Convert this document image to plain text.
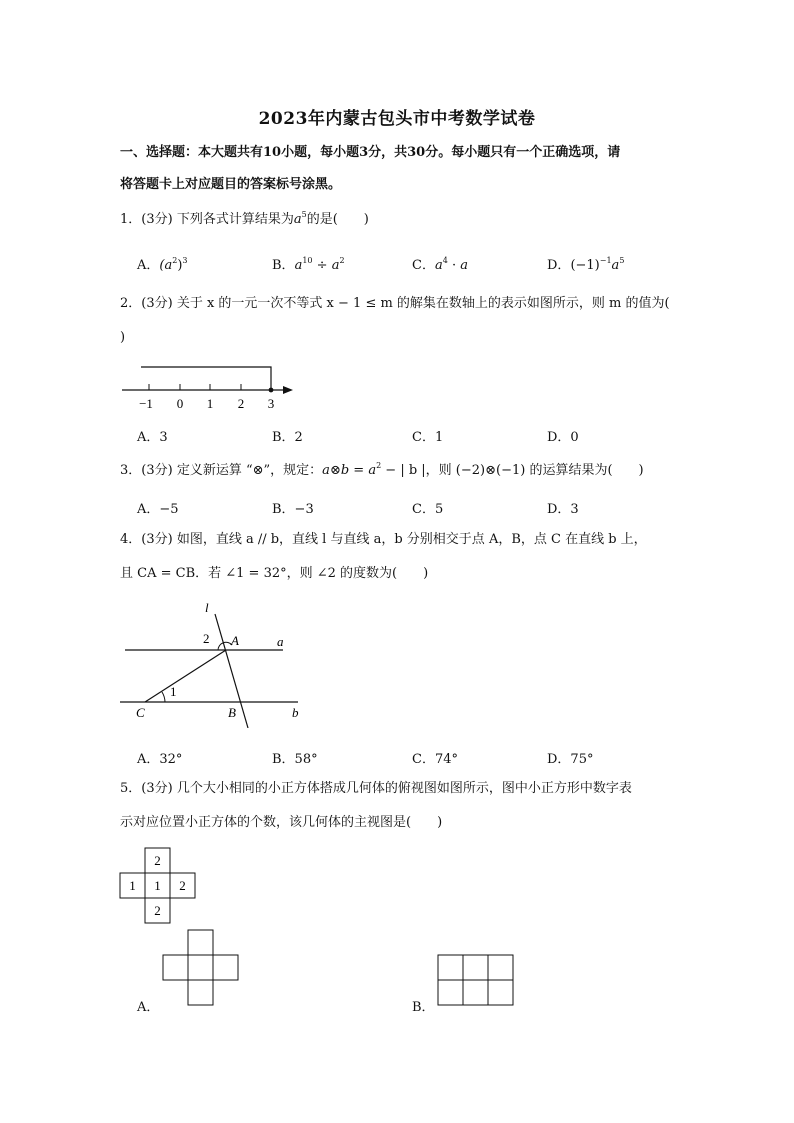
2023年内蒙古包头市中考数学试卷
一、选择题：本大题共有10小题，每小题3分，共30分。每小题只有一个正确选项，请
将答题卡上对应题目的答案标号涂黑。
1．(3分) 下列各式计算结果为$a^5$的是(　　)
A．$(a^2)^3$	B．$a^{10} \div a^2$	C．$a^4 \cdot a$	D．$(-1)^{-1}a^5$
2．(3分) 关于 x 的一元一次不等式 x − 1 ≤ m 的解集在数轴上的表示如图所示，则 m 的值为(
)
−1 0 1 2 3
A．3	B．2	C．1	D．0
3．(3分) 定义新运算 “⊗”，规定：a⊗b = $a^2$ − | b |，则 (−2)⊗(−1) 的运算结果为(　　)
A．−5	B．−3	C．5	D．3
4．(3分) 如图，直线 a // b，直线 l 与直线 a，b 分别相交于点 A，B，点 C 在直线 b 上，
且 CA = CB．若 ∠1 = 32°，则 ∠2 的度数为(　　)
l
2 A	a
1
C	B	b
A．32°	B．58°	C．74°	D．75°
5．(3分) 几个大小相同的小正方体搭成几何体的俯视图如图所示，图中小正方形中数字表
示对应位置小正方体的个数，该几何体的主视图是(　　)
2
1 1 2
2
A．	B．
